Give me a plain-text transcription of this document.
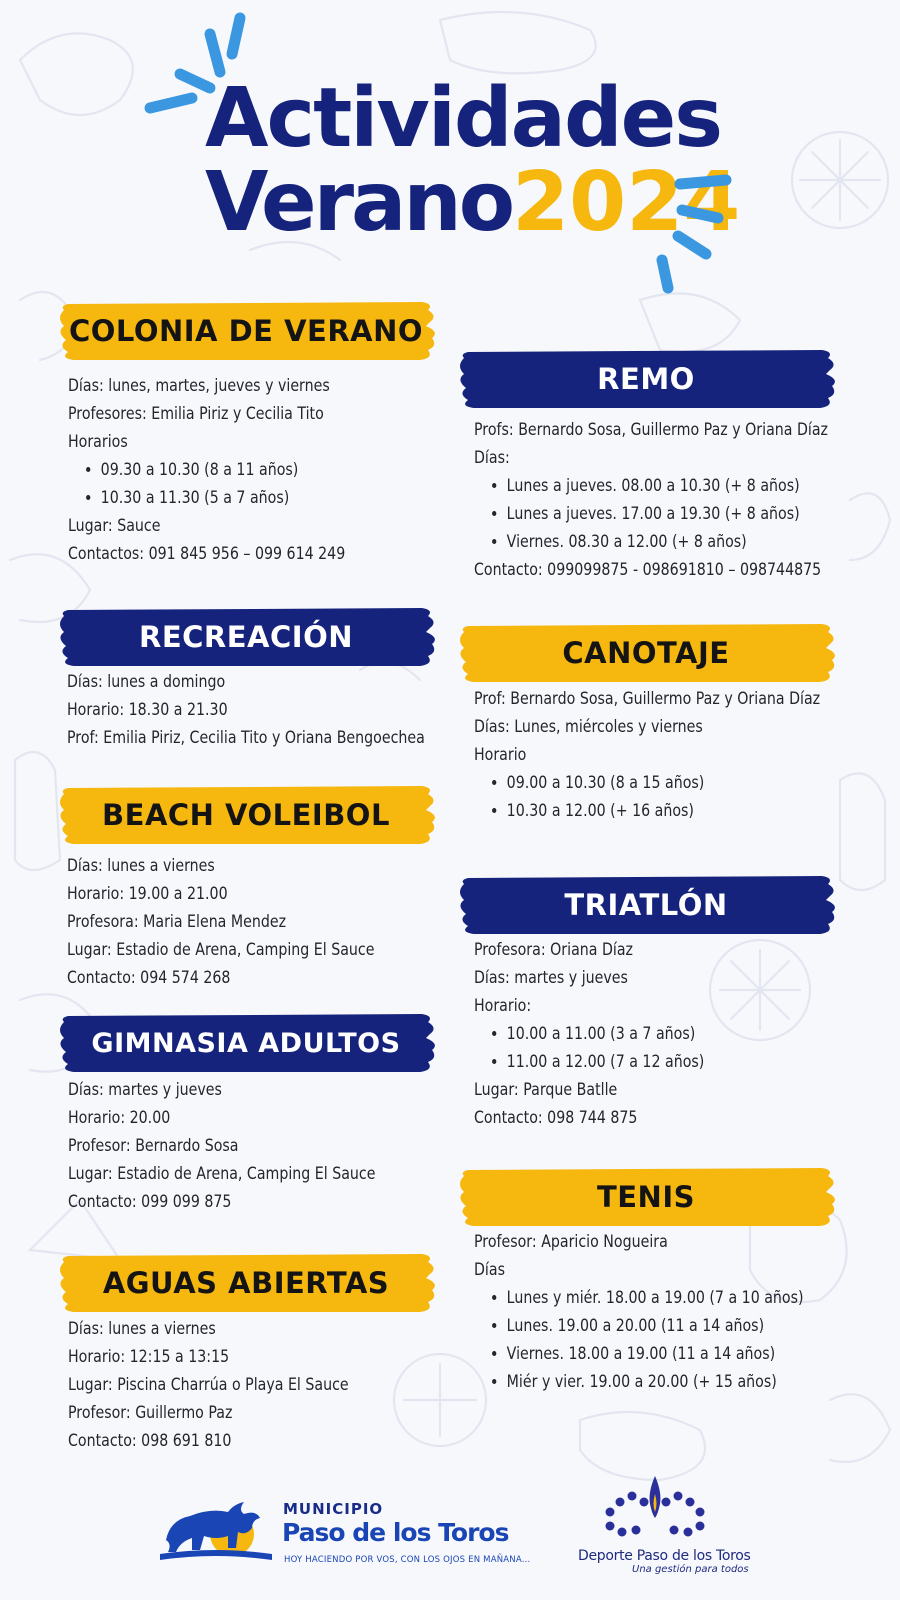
Actividades
Verano2024
COLONIA DE VERANO

Días: lunes, martes, jueves y viernes

Profesores: Emilia Piriz y Cecilia Tito

Horarios

• 09.30 a 10.30 (8 a 11 años)
• 10.30 a 11.30 (5 a 7 años)

Lugar: Sauce

Contactos: 091 845 956 – 099 614 249

RECREACIÓN

Días: lunes a domingo

Horario: 18.30 a 21.30

Prof: Emilia Piriz, Cecilia Tito y Oriana Bengoechea

BEACH VOLEIBOL

Días: lunes a viernes

Horario: 19.00 a 21.00

Profesora: Maria Elena Mendez

Lugar: Estadio de Arena, Camping El Sauce

Contacto: 094 574 268

GIMNASIA ADULTOS

Días: martes y jueves

Horario: 20.00

Profesor: Bernardo Sosa

Lugar: Estadio de Arena, Camping El Sauce

Contacto: 099 099 875

AGUAS ABIERTAS

Días: lunes a viernes

Horario: 12:15 a 13:15

Lugar: Piscina Charrúa o Playa El Sauce

Profesor: Guillermo Paz

Contacto: 098 691 810

REMO

Profs: Bernardo Sosa, Guillermo Paz y Oriana Díaz

Días:

• Lunes a jueves. 08.00 a 10.30 (+ 8 años)
• Lunes a jueves. 17.00 a 19.30 (+ 8 años)
• Viernes. 08.30 a 12.00 (+ 8 años)

Contacto: 099099875 - 098691810 – 098744875

CANOTAJE

Prof: Bernardo Sosa, Guillermo Paz y Oriana Díaz

Días: Lunes, miércoles y viernes

Horario

• 09.00 a 10.30 (8 a 15 años)
• 10.30 a 12.00 (+ 16 años)
TRIATLÓN

Profesora: Oriana Díaz

Días: martes y jueves

Horario:

• 10.00 a 11.00 (3 a 7 años)
• 11.00 a 12.00 (7 a 12 años)

Lugar: Parque Batlle

Contacto: 098 744 875

TENIS

Profesor: Aparicio Nogueira

Días

• Lunes y miér. 18.00 a 19.00 (7 a 10 años)
• Lunes. 19.00 a 20.00 (11 a 14 años)
• Viernes. 18.00 a 19.00 (11 a 14 años)
• Miér y vier. 19.00 a 20.00 (+ 15 años)
MUNICIPIO
Paso de los Toros
HOY HACIENDO POR VOS, CON LOS OJOS EN MAÑANA...	Deporte Paso de los Toros
Una gestión para todos
